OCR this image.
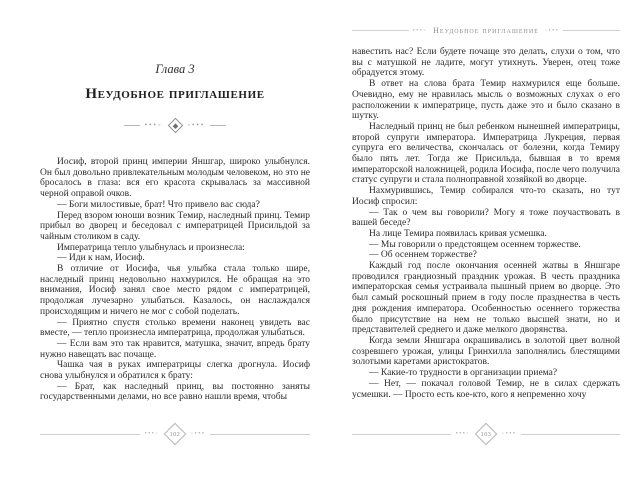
Глава 3
Неудобное приглашение
•••◦	◦•••

Иосиф, второй принц империи Яншгар, широко улыбнулся. Он был довольно привлекательным молодым человеком, но это не бросалось в глаза: вся его красота скрывалась за массивной черной оправой очков.

— Боги милостивые, брат! Что привело вас сюда?

Перед взором юноши возник Темир, наследный принц. Темир прибыл во дворец и беседовал с императрицей Присильдой за чайным столиком в саду.

Императрица тепло улыбнулась и произнесла:

— Иди к нам, Иосиф.

В отличие от Иосифа, чья улыбка стала только шире, наследный принц недовольно нахмурился. Не обращая на это внимания, Иосиф занял свое место рядом с императрицей, продолжая лучезарно улыбаться. Казалось, он наслаждался происходящим и ничего не мог с собой поделать.

— Приятно спустя столько времени наконец увидеть вас вместе, — тепло произнесла императрица, продолжая улыбаться.

— Если вам это так нравится, матушка, значит, впредь брату нужно навещать вас почаще.

Чашка чая в руках императрицы слегка дрогнула. Иосиф снова улыбнулся и обратился к брату:

— Брат, как наследный принц, вы постоянно заняты государственными делами, но все равно нашли время, чтобы

•••◦ 102 ◦•••
•••◦ Неудобное приглашение ◦•••

навестить нас? Если будете почаще это делать, слухи о том, что вы с матушкой не ладите, могут утихнуть. Уверен, отец тоже обрадуется этому.

В ответ на слова брата Темир нахмурился еще больше. Очевидно, ему не нравилась мысль о возможных слухах о его расположении к императрице, пусть даже это и было сказано в шутку.

Наследный принц не был ребенком нынешней императрицы, второй супруги императора. Императрица Лукреция, первая супруга его величества, скончалась от болезни, когда Темиру было пять лет. Тогда же Присильда, бывшая в то время императорской наложницей, родила Иосифа, после чего получила статус супруги и стала полноправной хозяйкой во дворце.

Нахмурившись, Темир собирался что-то сказать, но тут Иосиф спросил:

— Так о чем вы говорили? Могу я тоже поучаствовать в вашей беседе?

На лице Темира появилась кривая усмешка.

— Мы говорили о предстоящем осеннем торжестве.

— Об осеннем торжестве?

Каждый год после окончания осенней жатвы в Яншгаре проводился грандиозный праздник урожая. В честь праздника императорская семья устраивала пышный прием во дворце. Это был самый роскошный прием в году после празднества в честь дня рождения императора. Особенностью осеннего торжества было присутствие на нем не только высшей знати, но и представителей среднего и даже мелкого дворянства.

Когда земли Яншгара окрашивались в золотой цвет волной созревшего урожая, улицы Гринхилла заполнялись блестящими золотыми каретами аристократов.

— Какие-то трудности в организации приема?

— Нет, — покачал головой Темир, не в силах сдержать усмешки. — Просто есть кое-кто, кого я непременно хочу

•••◦ 103 ◦•••
